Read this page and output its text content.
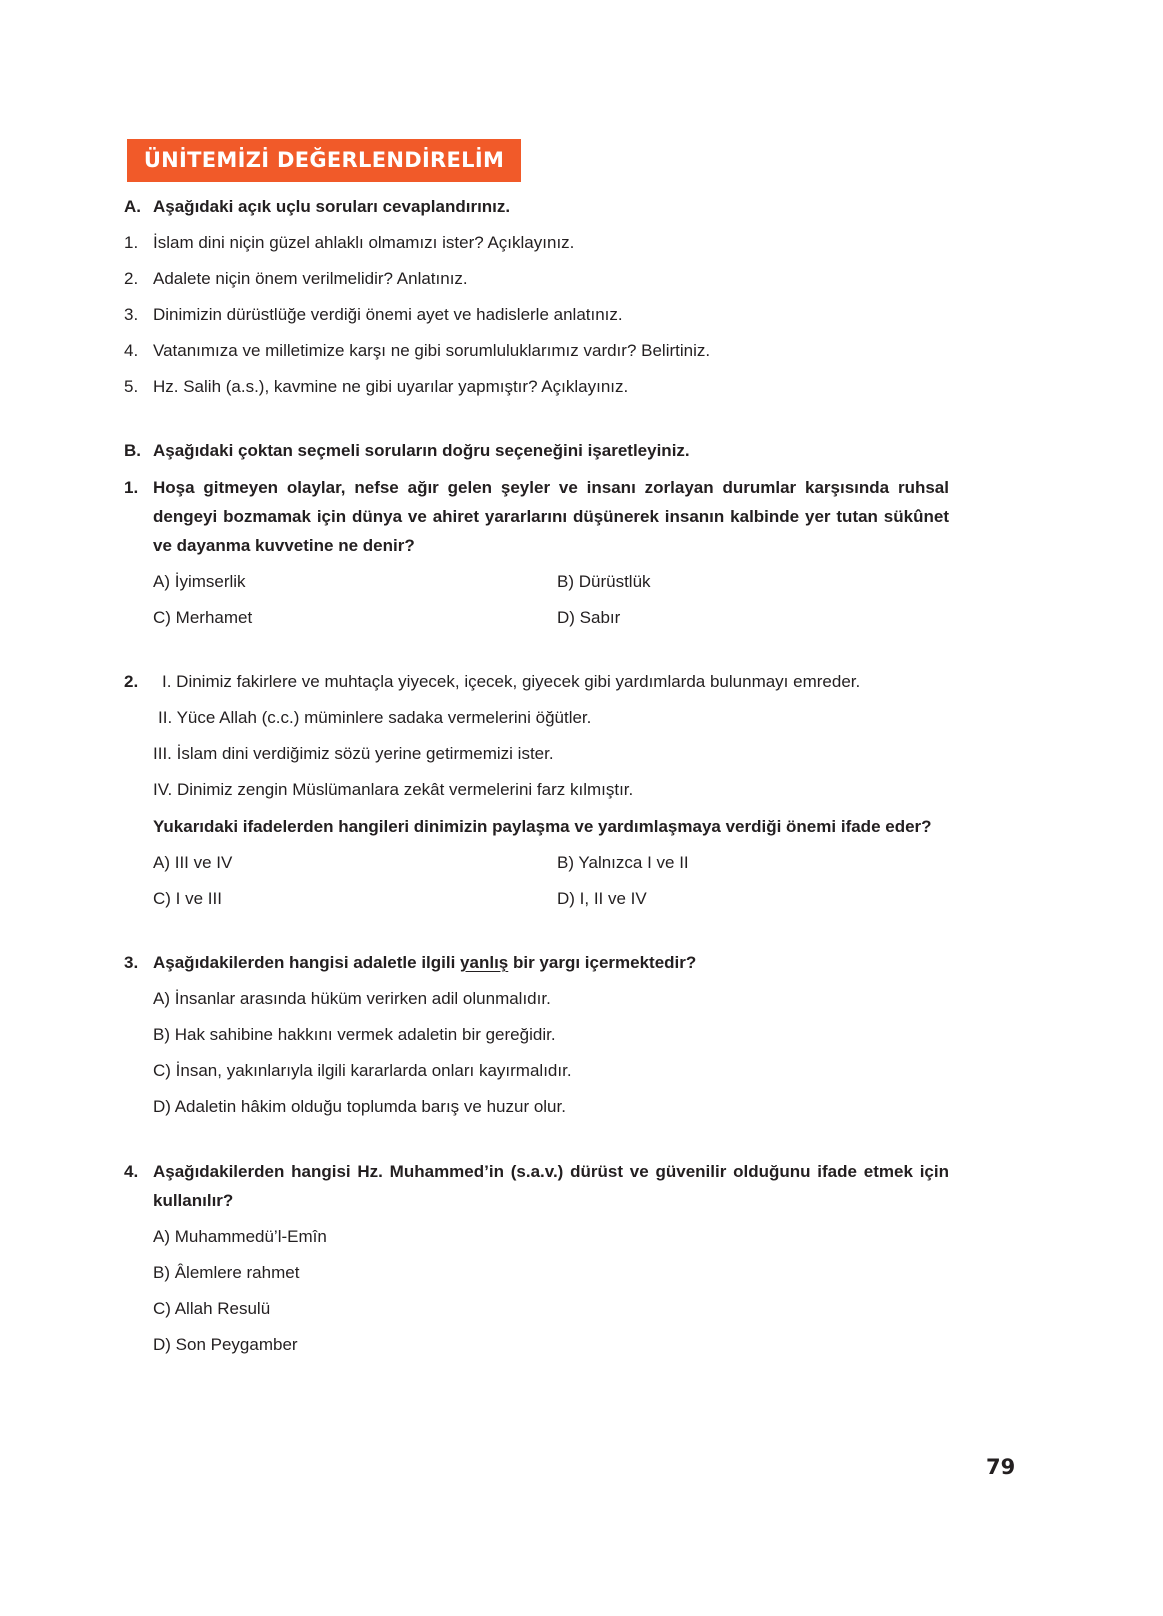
ÜNİTEMİZİ DEĞERLENDİRELİM
A. Aşağıdaki açık uçlu soruları cevaplandırınız.
1. İslam dini niçin güzel ahlaklı olmamızı ister? Açıklayınız.
2. Adalete niçin önem verilmelidir? Anlatınız.
3. Dinimizin dürüstlüğe verdiği önemi ayet ve hadislerle anlatınız.
4. Vatanımıza ve milletimize karşı ne gibi sorumluluklarımız vardır? Belirtiniz.
5. Hz. Salih (a.s.), kavmine ne gibi uyarılar yapmıştır? Açıklayınız.
B. Aşağıdaki çoktan seçmeli soruların doğru seçeneğini işaretleyiniz.
1. Hoşa gitmeyen olaylar, nefse ağır gelen şeyler ve insanı zorlayan durumlar karşısında ruhsal dengeyi bozmamak için dünya ve ahiret yararlarını düşünerek insanın kalbinde yer tutan sükûnet ve dayanma kuvvetine ne denir?
A) İyimserlik	B) Dürüstlük
C) Merhamet	D) Sabır
2.	I. Dinimiz fakirlere ve muhtaçla yiyecek, içecek, giyecek gibi yardımlarda bulunmayı emreder.
II. Yüce Allah (c.c.) müminlere sadaka vermelerini öğütler.
III. İslam dini verdiğimiz sözü yerine getirmemizi ister.
IV. Dinimiz zengin Müslümanlara zekât vermelerini farz kılmıştır.
Yukarıdaki ifadelerden hangileri dinimizin paylaşma ve yardımlaşmaya verdiği önemi ifade eder?
A) III ve IV	B) Yalnızca I ve II
C) I ve III	D) I, II ve IV
3. Aşağıdakilerden hangisi adaletle ilgili yanlış bir yargı içermektedir?
A) İnsanlar arasında hüküm verirken adil olunmalıdır.
B) Hak sahibine hakkını vermek adaletin bir gereğidir.
C) İnsan, yakınlarıyla ilgili kararlarda onları kayırmalıdır.
D) Adaletin hâkim olduğu toplumda barış ve huzur olur.
4. Aşağıdakilerden hangisi Hz. Muhammed’in (s.a.v.) dürüst ve güvenilir olduğunu ifade etmek için kullanılır?
A) Muhammedü’l-Emîn
B) Âlemlere rahmet
C) Allah Resulü
D) Son Peygamber
79
